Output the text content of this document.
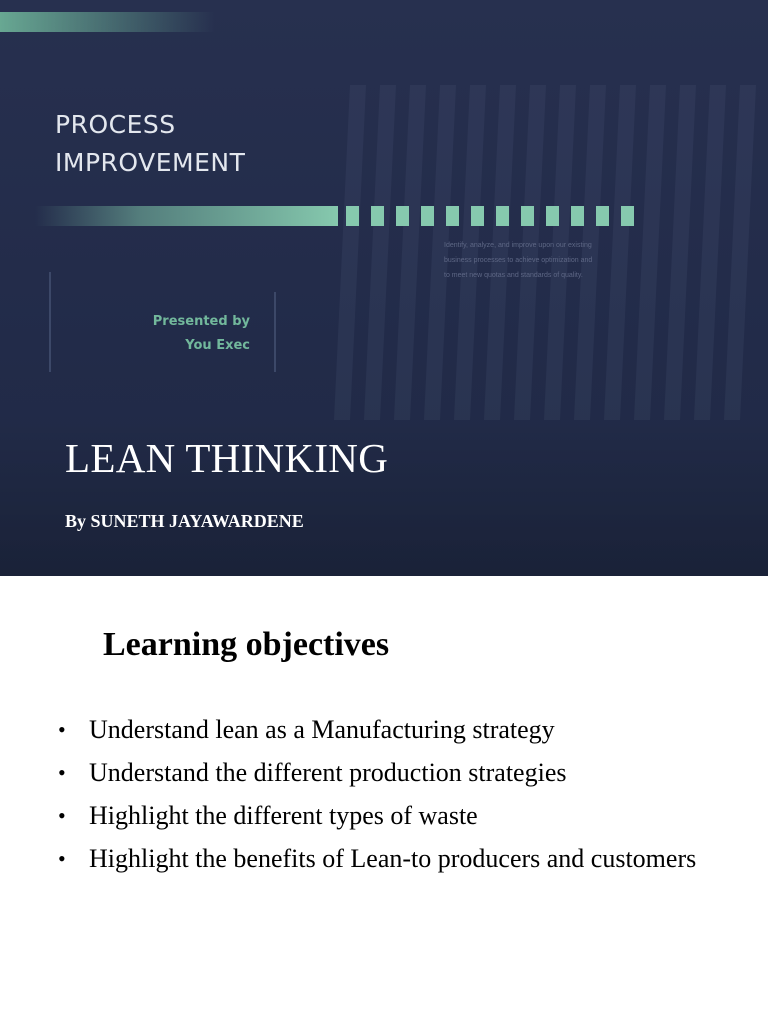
PROCESS
IMPROVEMENT
Identify, analyze, and improve upon our existing
business processes to achieve optimization and
to meet new quotas and standards of quality.
Presented by
You Exec
LEAN THINKING
By SUNETH JAYAWARDENE
Learning objectives
• Understand lean as a Manufacturing strategy
• Understand the different production strategies
• Highlight the different types of waste
• Highlight the benefits of Lean-to producers and customers
